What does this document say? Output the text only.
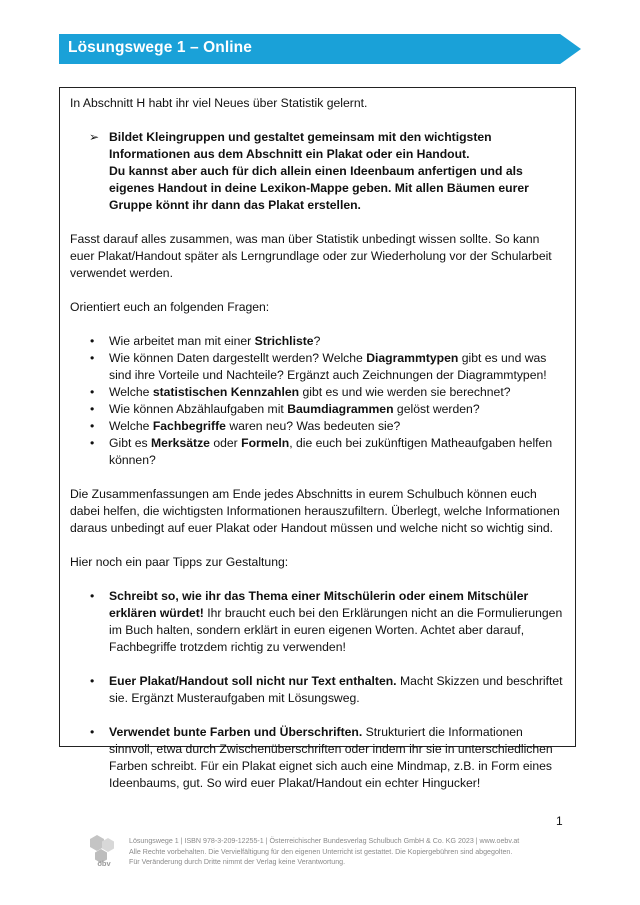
Lösungswege 1 – Online

In Abschnitt H habt ihr viel Neues über Statistik gelernt.

➢ Bildet Kleingruppen und gestaltet gemeinsam mit den wichtigsten Informationen aus dem Abschnitt ein Plakat oder ein Handout.
Du kannst aber auch für dich allein einen Ideenbaum anfertigen und als eigenes Handout in deine Lexikon-Mappe geben. Mit allen Bäumen eurer Gruppe könnt ihr dann das Plakat erstellen.

Fasst darauf alles zusammen, was man über Statistik unbedingt wissen sollte. So kann euer Plakat/Handout später als Lerngrundlage oder zur Wiederholung vor der Schularbeit verwendet werden.

Orientiert euch an folgenden Fragen:

• Wie arbeitet man mit einer Strichliste?
• Wie können Daten dargestellt werden? Welche Diagrammtypen gibt es und was sind ihre Vorteile und Nachteile? Ergänzt auch Zeichnungen der Diagrammtypen!
• Welche statistischen Kennzahlen gibt es und wie werden sie berechnet?
• Wie können Abzählaufgaben mit Baumdiagrammen gelöst werden?
• Welche Fachbegriffe waren neu? Was bedeuten sie?
• Gibt es Merksätze oder Formeln, die euch bei zukünftigen Matheaufgaben helfen können?

Die Zusammenfassungen am Ende jedes Abschnitts in eurem Schulbuch können euch dabei helfen, die wichtigsten Informationen herauszufiltern. Überlegt, welche Informationen daraus unbedingt auf euer Plakat oder Handout müssen und welche nicht so wichtig sind.

Hier noch ein paar Tipps zur Gestaltung:

• Schreibt so, wie ihr das Thema einer Mitschülerin oder einem Mitschüler erklären würdet! Ihr braucht euch bei den Erklärungen nicht an die Formulierungen im Buch halten, sondern erklärt in euren eigenen Worten. Achtet aber darauf, Fachbegriffe trotzdem richtig zu verwenden!
• Euer Plakat/Handout soll nicht nur Text enthalten. Macht Skizzen und beschriftet sie. Ergänzt Musteraufgaben mit Lösungsweg.
• Verwendet bunte Farben und Überschriften. Strukturiert die Informationen sinnvoll, etwa durch Zwischenüberschriften oder indem ihr sie in unterschiedlichen Farben schreibt. Für ein Plakat eignet sich auch eine Mindmap, z.B. in Form eines Ideenbaums, gut. So wird euer Plakat/Handout ein echter Hingucker!
1
öbv
Lösungswege 1 | ISBN 978-3-209-12255-1 | Österreichischer Bundesverlag Schulbuch GmbH & Co. KG 2023 | www.oebv.at
Alle Rechte vorbehalten. Die Vervielfältigung für den eigenen Unterricht ist gestattet. Die Kopiergebühren sind abgegolten.
Für Veränderung durch Dritte nimmt der Verlag keine Verantwortung.
